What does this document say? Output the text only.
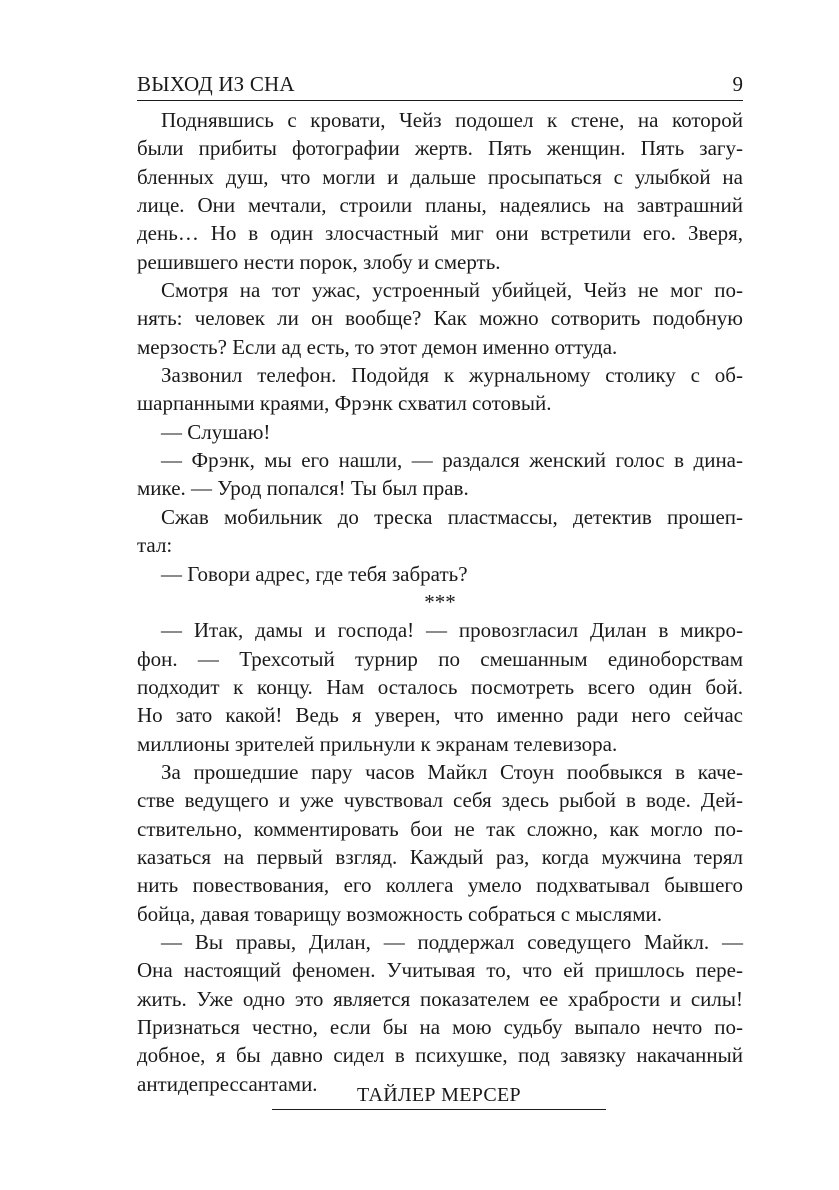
ВЫХОД ИЗ СНА	9
Поднявшись с кровати, Чейз подошел к стене, на которой
были прибиты фотографии жертв. Пять женщин. Пять загу-
бленных душ, что могли и дальше просыпаться с улыбкой на
лице. Они мечтали, строили планы, надеялись на завтрашний
день… Но в один злосчастный миг они встретили его. Зверя,
решившего нести порок, злобу и смерть.
Смотря на тот ужас, устроенный убийцей, Чейз не мог по-
нять: человек ли он вообще? Как можно сотворить подобную
мерзость? Если ад есть, то этот демон именно оттуда.
Зазвонил телефон. Подойдя к журнальному столику с об-
шарпанными краями, Фрэнк схватил сотовый.
— Слушаю!
— Фрэнк, мы его нашли, — раздался женский голос в дина-
мике. — Урод попался! Ты был прав.
Сжав мобильник до треска пластмассы, детектив прошеп-
тал:
— Говори адрес, где тебя забрать?
***
— Итак, дамы и господа! — провозгласил Дилан в микро-
фон. — Трехсотый турнир по смешанным единоборствам
подходит к концу. Нам осталось посмотреть всего один бой.
Но зато какой! Ведь я уверен, что именно ради него сейчас
миллионы зрителей прильнули к экранам телевизора.
За прошедшие пару часов Майкл Стоун пообвыкся в каче-
стве ведущего и уже чувствовал себя здесь рыбой в воде. Дей-
ствительно, комментировать бои не так сложно, как могло по-
казаться на первый взгляд. Каждый раз, когда мужчина терял
нить повествования, его коллега умело подхватывал бывшего
бойца, давая товарищу возможность собраться с мыслями.
— Вы правы, Дилан, — поддержал соведущего Майкл. —
Она настоящий феномен. Учитывая то, что ей пришлось пере-
жить. Уже одно это является показателем ее храбрости и силы!
Признаться честно, если бы на мою судьбу выпало нечто по-
добное, я бы давно сидел в психушке, под завязку накачанный
антидепрессантами.	ТАЙЛЕР МЕРСЕР
